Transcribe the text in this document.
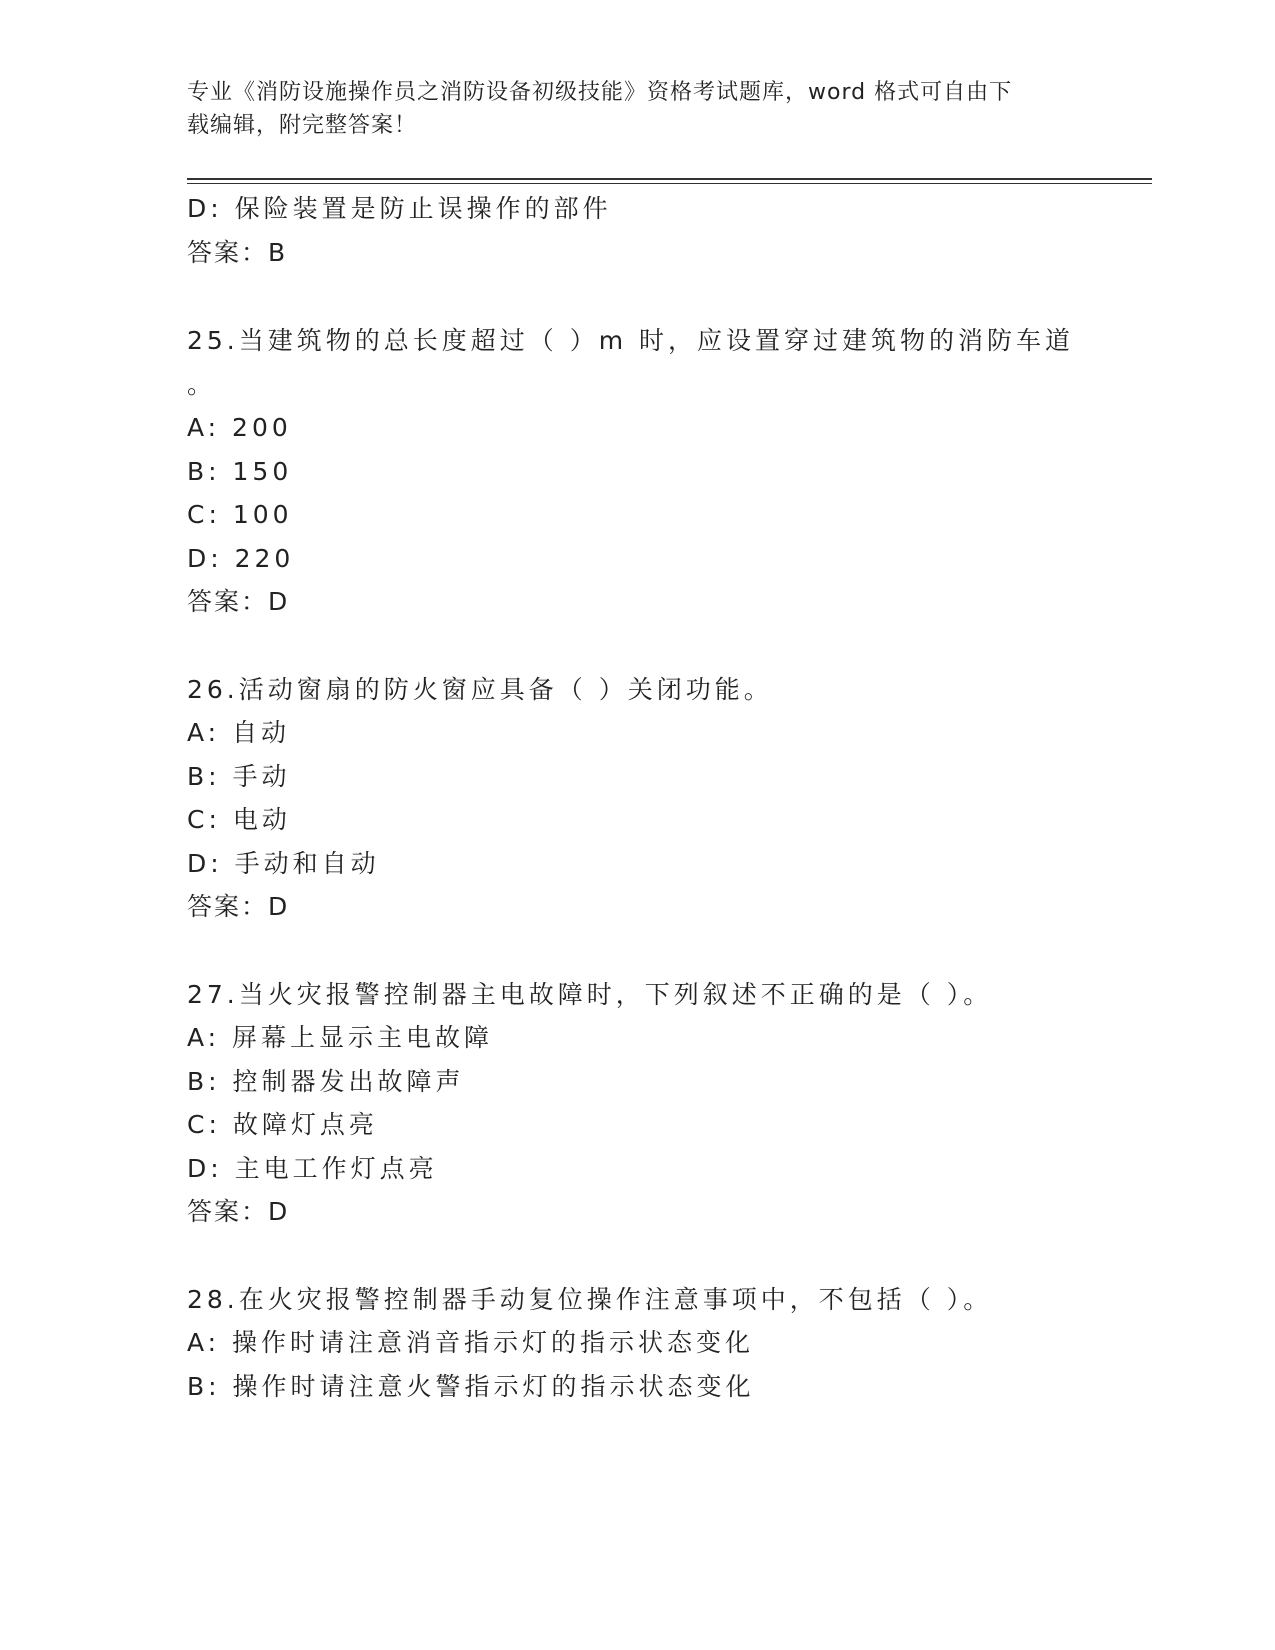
专业《消防设施操作员之消防设备初级技能》资格考试题库，word 格式可自由下
载编辑，附完整答案！
D: 保险装置是防止误操作的部件
答案：B
25.当建筑物的总长度超过（ ）m 时，应设置穿过建筑物的消防车道
。
A: 200
B: 150
C: 100
D: 220
答案：D
26.活动窗扇的防火窗应具备（ ）关闭功能。
A: 自动
B: 手动
C: 电动
D: 手动和自动
答案：D
27.当火灾报警控制器主电故障时，下列叙述不正确的是（ ）。
A: 屏幕上显示主电故障
B: 控制器发出故障声
C: 故障灯点亮
D: 主电工作灯点亮
答案：D
28.在火灾报警控制器手动复位操作注意事项中，不包括（ ）。
A: 操作时请注意消音指示灯的指示状态变化
B: 操作时请注意火警指示灯的指示状态变化
